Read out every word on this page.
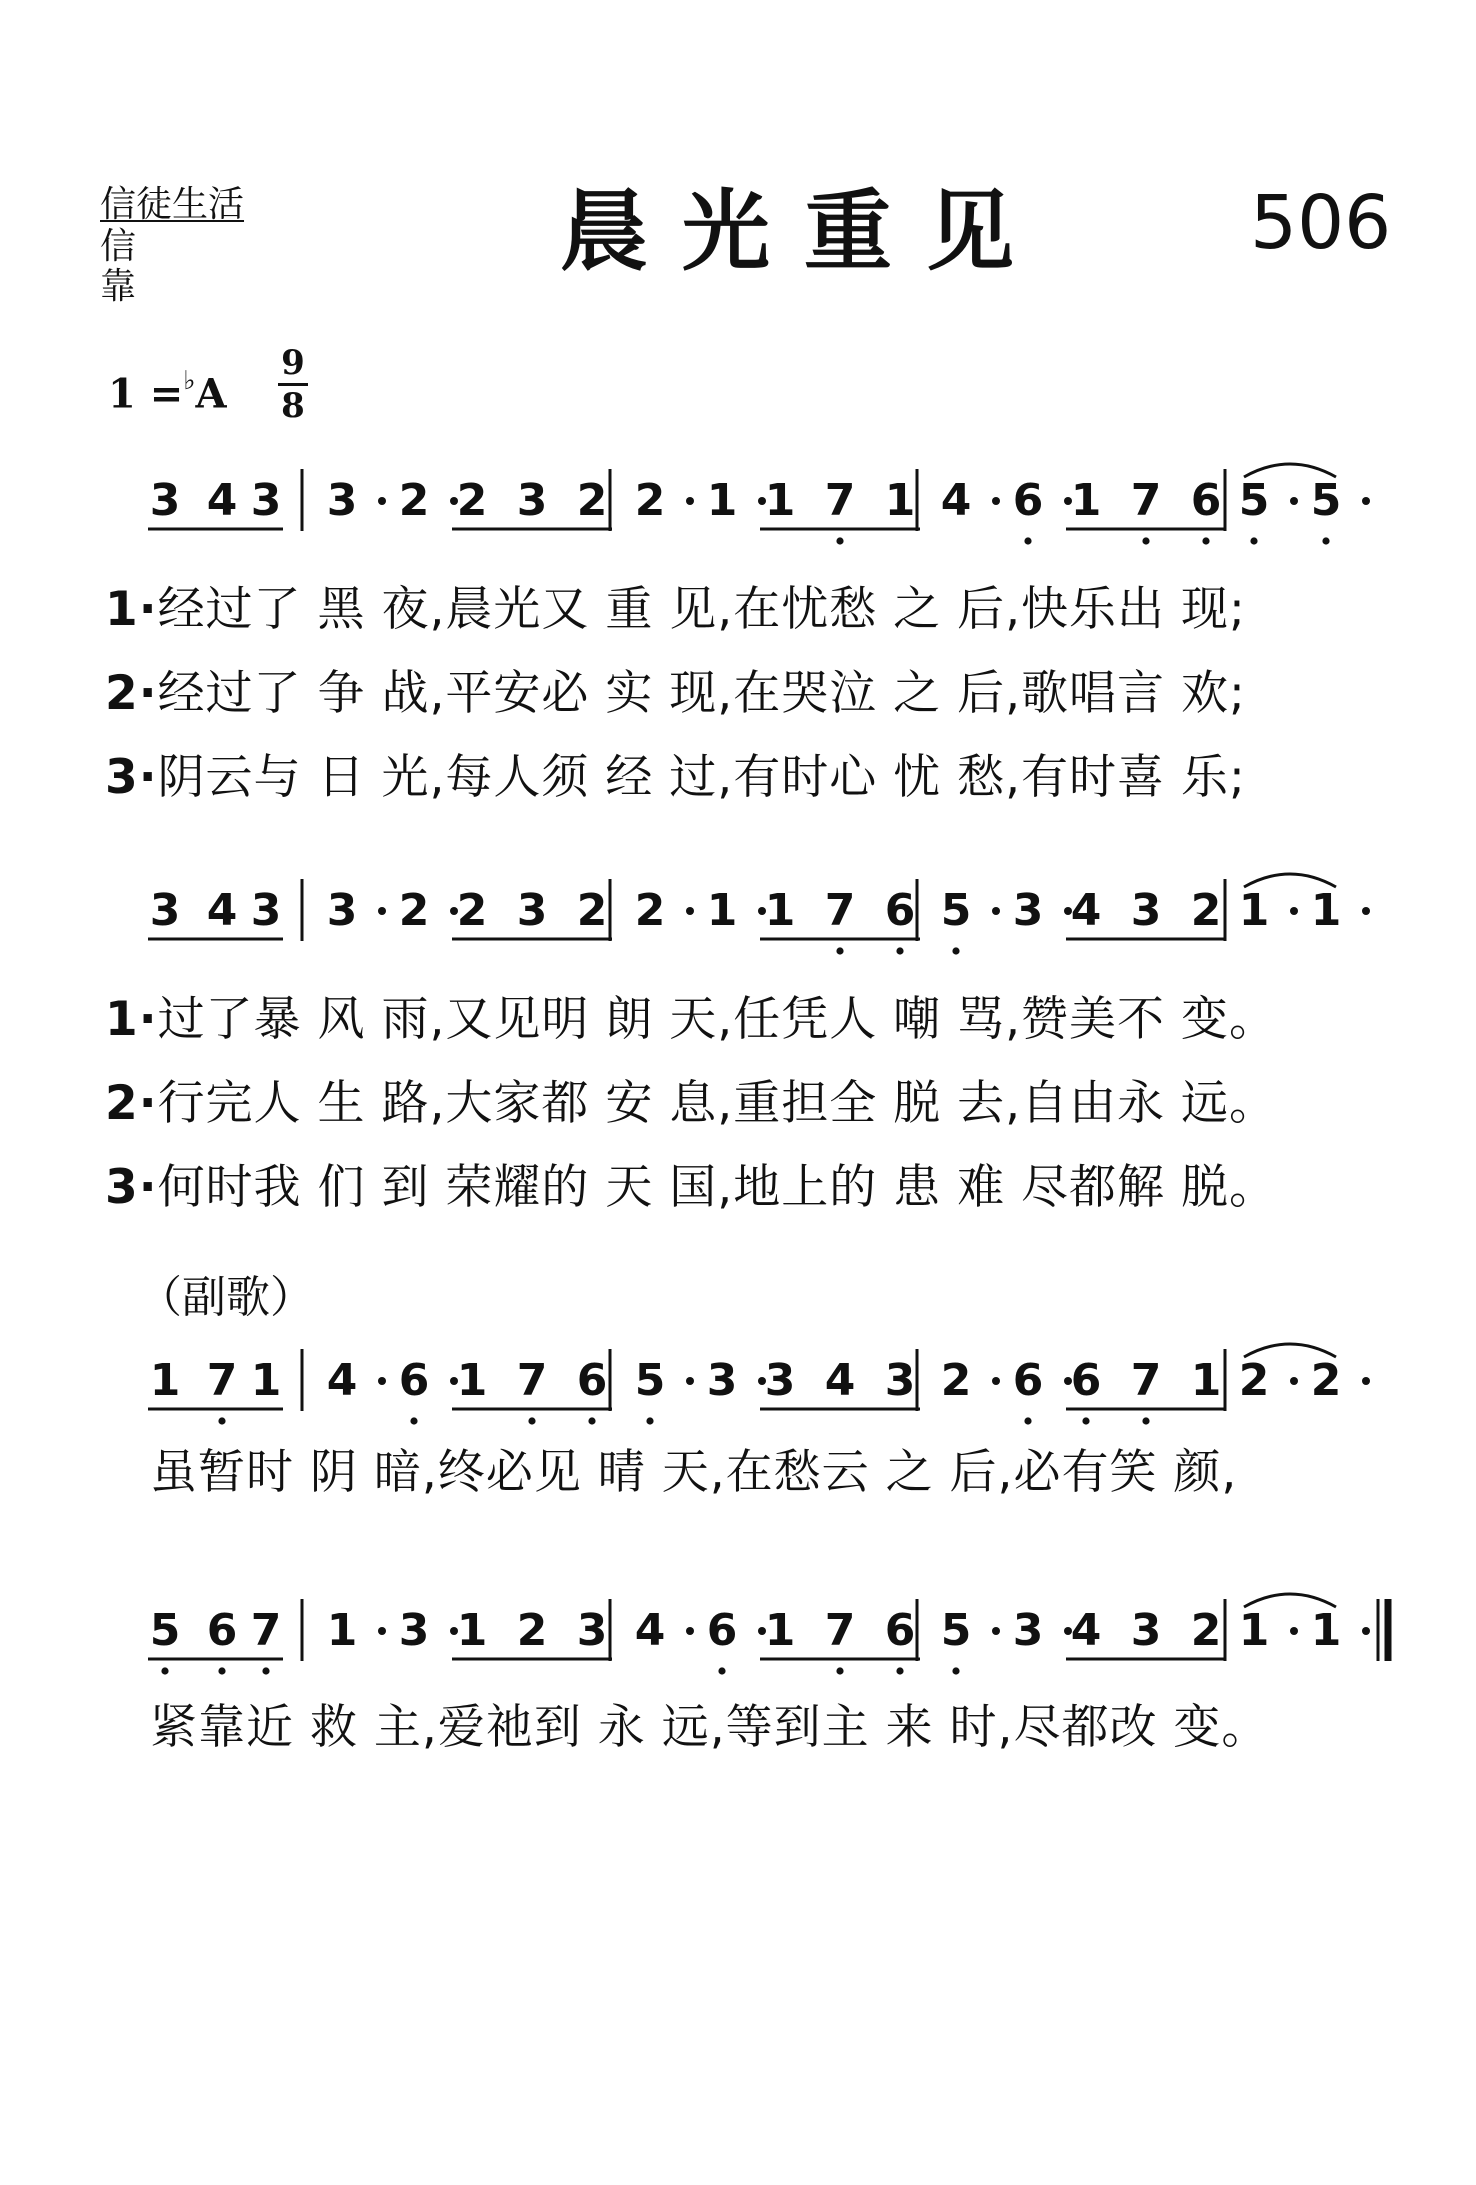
信徒生活
信靠
晨光重见	506
1 =♭A
9
8
（副歌）
3 4 3 3 2 2 3 2 2 1 1 7 1 4 6 1 7 6 5 5
3 4 3 3 2 2 3 2 2 1 1 7 6 5 3 4 3 2 1 1
1 7 1 4 6 1 7 6 5 3 3 4 3 2 6 6 7 1 2 2
5 6 7 1 3 1 2 3 4 6 1 7 6 5 3 4 3 2 1 1
1·经过了 黑 夜,晨光又 重 见,在忧愁 之 后,快乐出 现;
2·经过了 争 战,平安必 实 现,在哭泣 之 后,歌唱言 欢;
3·阴云与 日 光,每人须 经 过,有时心 忧 愁,有时喜 乐;
1·过了暴 风 雨,又见明 朗 天,任凭人 嘲 骂,赞美不 变。
2·行完人 生 路,大家都 安 息,重担全 脱 去,自由永 远。
3·何时我 们 到 荣耀的 天 国,地上的 患 难 尽都解 脱。
虽暂时 阴 暗,终必见 晴 天,在愁云 之 后,必有笑 颜,
紧靠近 救 主,爱祂到 永 远,等到主 来 时,尽都改 变。
